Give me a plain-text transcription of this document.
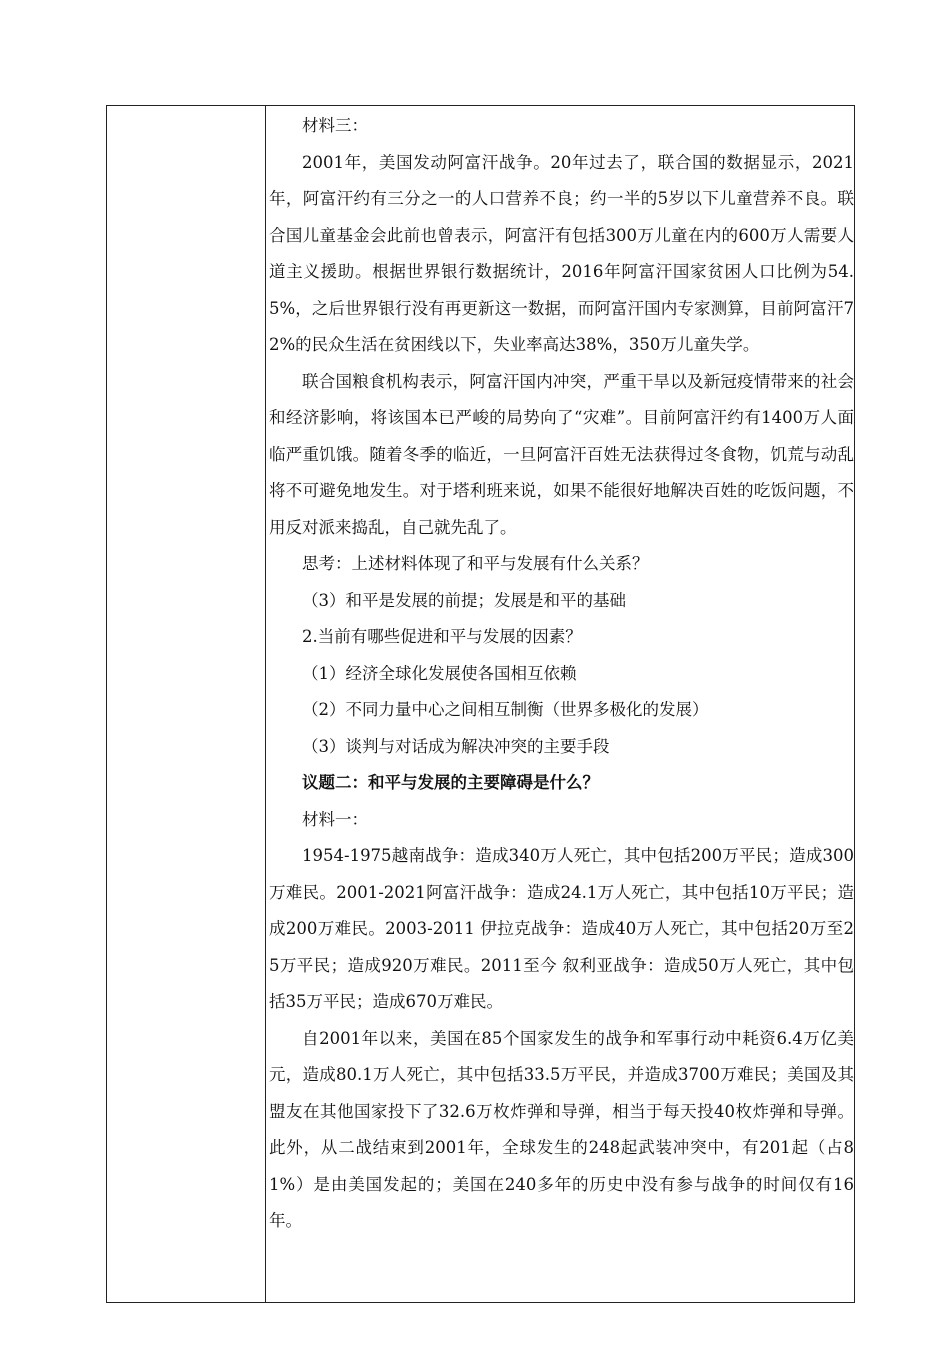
材料三：

2001年，美国发动阿富汗战争。20年过去了，联合国的数据显示，2021年，阿富汗约有三分之一的人口营养不良；约一半的5岁以下儿童营养不良。联合国儿童基金会此前也曾表示，阿富汗有包括300万儿童在内的600万人需要人道主义援助。根据世界银行数据统计，2016年阿富汗国家贫困人口比例为54.5%，之后世界银行没有再更新这一数据，而阿富汗国内专家测算，目前阿富汗72%的民众生活在贫困线以下，失业率高达38%，350万儿童失学。

联合国粮食机构表示，阿富汗国内冲突，严重干旱以及新冠疫情带来的社会和经济影响，将该国本已严峻的局势向了“灾难”。目前阿富汗约有1400万人面临严重饥饿。随着冬季的临近，一旦阿富汗百姓无法获得过冬食物，饥荒与动乱将不可避免地发生。对于塔利班来说，如果不能很好地解决百姓的吃饭问题，不用反对派来捣乱，自己就先乱了。

思考：上述材料体现了和平与发展有什么关系？

（3）和平是发展的前提；发展是和平的基础

2.当前有哪些促进和平与发展的因素？

（1）经济全球化发展使各国相互依赖

（2）不同力量中心之间相互制衡（世界多极化的发展）

（3）谈判与对话成为解决冲突的主要手段

议题二：和平与发展的主要障碍是什么？

材料一：

1954-1975越南战争：造成340万人死亡，其中包括200万平民；造成300万难民。2001-2021阿富汗战争：造成24.1万人死亡，其中包括10万平民；造成200万难民。2003-2011 伊拉克战争：造成40万人死亡，其中包括20万至25万平民；造成920万难民。2011至今 叙利亚战争：造成50万人死亡，其中包括35万平民；造成670万难民。

自2001年以来，美国在85个国家发生的战争和军事行动中耗资6.4万亿美元，造成80.1万人死亡，其中包括33.5万平民，并造成3700万难民；美国及其盟友在其他国家投下了32.6万枚炸弹和导弹，相当于每天投40枚炸弹和导弹。此外，从二战结束到2001年，全球发生的248起武装冲突中，有201起（占81%）是由美国发起的；美国在240多年的历史中没有参与战争的时间仅有16年。
